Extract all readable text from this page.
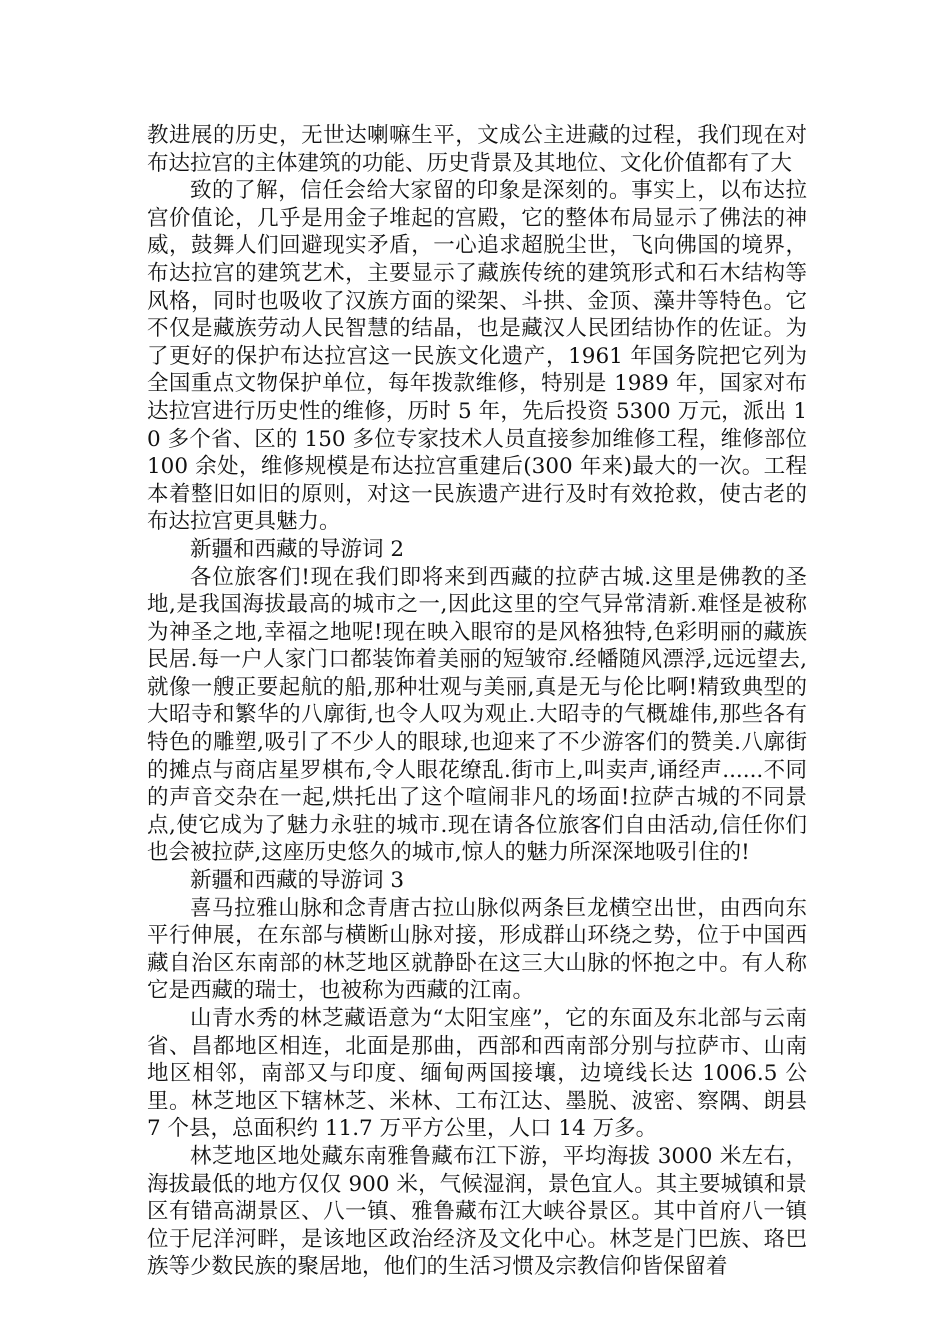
教进展的历史，无世达喇嘛生平，文成公主进藏的过程，我们现在对布达拉宫的主体建筑的功能、历史背景及其地位、文化价值都有了大

致的了解，信任会给大家留的印象是深刻的。事实上，以布达拉宫价值论，几乎是用金子堆起的宫殿，它的整体布局显示了佛法的神威，鼓舞人们回避现实矛盾，一心追求超脱尘世，飞向佛国的境界，布达拉宫的建筑艺术，主要显示了藏族传统的建筑形式和石木结构等风格，同时也吸收了汉族方面的梁架、斗拱、金顶、藻井等特色。它不仅是藏族劳动人民智慧的结晶，也是藏汉人民团结协作的佐证。为了更好的保护布达拉宫这一民族文化遗产，1961 年国务院把它列为全国重点文物保护单位，每年拨款维修，特别是 1989 年，国家对布达拉宫进行历史性的维修，历时 5 年，先后投资 5300 万元，派出 10 多个省、区的 150 多位专家技术人员直接参加维修工程，维修部位 100 余处，维修规模是布达拉宫重建后(300 年来)最大的一次。工程本着整旧如旧的原则，对这一民族遗产进行及时有效抢救，使古老的布达拉宫更具魅力。

新疆和西藏的导游词 2

各位旅客们!现在我们即将来到西藏的拉萨古城.这里是佛教的圣地,是我国海拔最高的城市之一,因此这里的空气异常清新.难怪是被称为神圣之地,幸福之地呢!现在映入眼帘的是风格独特,色彩明丽的藏族民居.每一户人家门口都装饰着美丽的短皱帘.经幡随风漂浮,远远望去,就像一艘正要起航的船,那种壮观与美丽,真是无与伦比啊!精致典型的大昭寺和繁华的八廓街,也令人叹为观止.大昭寺的气概雄伟,那些各有特色的雕塑,吸引了不少人的眼球,也迎来了不少游客们的赞美.八廓街的摊点与商店星罗棋布,令人眼花缭乱.街市上,叫卖声,诵经声......不同的声音交杂在一起,烘托出了这个喧闹非凡的场面!拉萨古城的不同景点,使它成为了魅力永驻的城市.现在请各位旅客们自由活动,信任你们也会被拉萨,这座历史悠久的城市,惊人的魅力所深深地吸引住的!

新疆和西藏的导游词 3

喜马拉雅山脉和念青唐古拉山脉似两条巨龙横空出世，由西向东平行伸展，在东部与横断山脉对接，形成群山环绕之势，位于中国西藏自治区东南部的林芝地区就静卧在这三大山脉的怀抱之中。有人称它是西藏的瑞士，也被称为西藏的江南。

山青水秀的林芝藏语意为“太阳宝座”，它的东面及东北部与云南省、昌都地区相连，北面是那曲，西部和西南部分别与拉萨市、山南地区相邻，南部又与印度、缅甸两国接壤，边境线长达 1006.5 公里。林芝地区下辖林芝、米林、工布江达、墨脱、波密、察隅、朗县 7 个县，总面积约 11.7 万平方公里，人口 14 万多。

林芝地区地处藏东南雅鲁藏布江下游，平均海拔 3000 米左右，海拔最低的地方仅仅 900 米，气候湿润，景色宜人。其主要城镇和景区有错高湖景区、八一镇、雅鲁藏布江大峡谷景区。其中首府八一镇位于尼洋河畔，是该地区政治经济及文化中心。林芝是门巴族、珞巴族等少数民族的聚居地，他们的生活习惯及宗教信仰皆保留着
